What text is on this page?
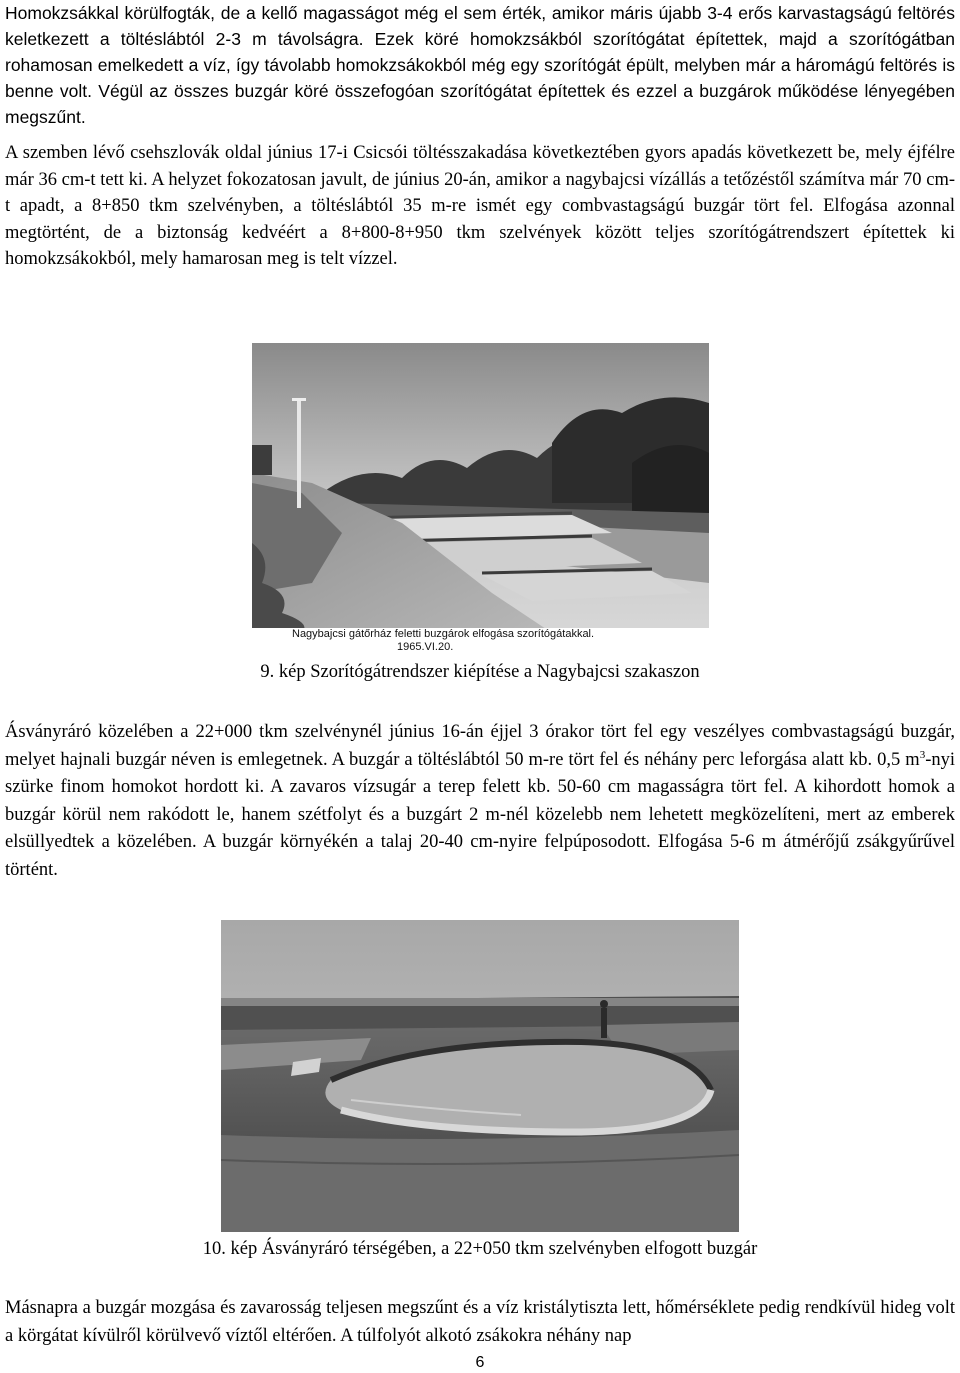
Homokzsákkal körülfogták, de a kellő magasságot még el sem érték, amikor máris újabb 3-4 erős karvastagságú feltörés keletkezett a töltéslábtól 2-3 m távolságra. Ezek köré homokzsákból szorítógátat építettek, majd a szorítógátban rohamosan emelkedett a víz, így távolabb homokzsákokból még egy szorítógát épült, melyben már a háromágú feltörés is benne volt. Végül az összes buzgár köré összefogóan szorítógátat építettek és ezzel a buzgárok működése lényegében megszűnt.
A szemben lévő csehszlovák oldal június 17-i Csicsói töltésszakadása következtében gyors apadás következett be, mely éjfélre már 36 cm-t tett ki. A helyzet fokozatosan javult, de június 20-án, amikor a nagybajcsi vízállás a tetőzéstől számítva már 70 cm-t apadt, a 8+850 tkm szelvényben, a töltéslábtól 35 m-re ismét egy combvastagságú buzgár tört fel. Elfogása azonnal megtörtént, de a biztonság kedvéért a 8+800-8+950 tkm szelvények között teljes szorítógátrendszert építettek ki homokzsákokból, mely hamarosan meg is telt vízzel.
Nagybajcsi gátőrház feletti buzgárok elfogása szorítógátakkal.
1965.VI.20.
9. kép Szorítógátrendszer kiépítése a Nagybajcsi szakaszon
Ásványráró közelében a 22+000 tkm szelvénynél június 16-án éjjel 3 órakor tört fel egy veszélyes combvastagságú buzgár, melyet hajnali buzgár néven is emlegetnek. A buzgár a töltéslábtól 50 m-re tört fel és néhány perc leforgása alatt kb. 0,5 $m^3$-nyi szürke finom homokot hordott ki. A zavaros vízsugár a terep felett kb. 50-60 cm magasságra tört fel. A kihordott homok a buzgár körül nem rakódott le, hanem szétfolyt és a buzgárt 2 m-nél közelebb nem lehetett megközelíteni, mert az emberek elsüllyedtek a közelében. A buzgár környékén a talaj 20-40 cm-nyire felpúposodott. Elfogása 5-6 m átmérőjű zsákgyűrűvel történt.
10. kép Ásványráró térségében, a 22+050 tkm szelvényben elfogott buzgár
Másnapra a buzgár mozgása és zavarosság teljesen megszűnt és a víz kristálytiszta lett, hőmérséklete pedig rendkívül hideg volt a körgátat kívülről körülvevő víztől eltérően. A túlfolyót alkotó zsákokra néhány nap
6
